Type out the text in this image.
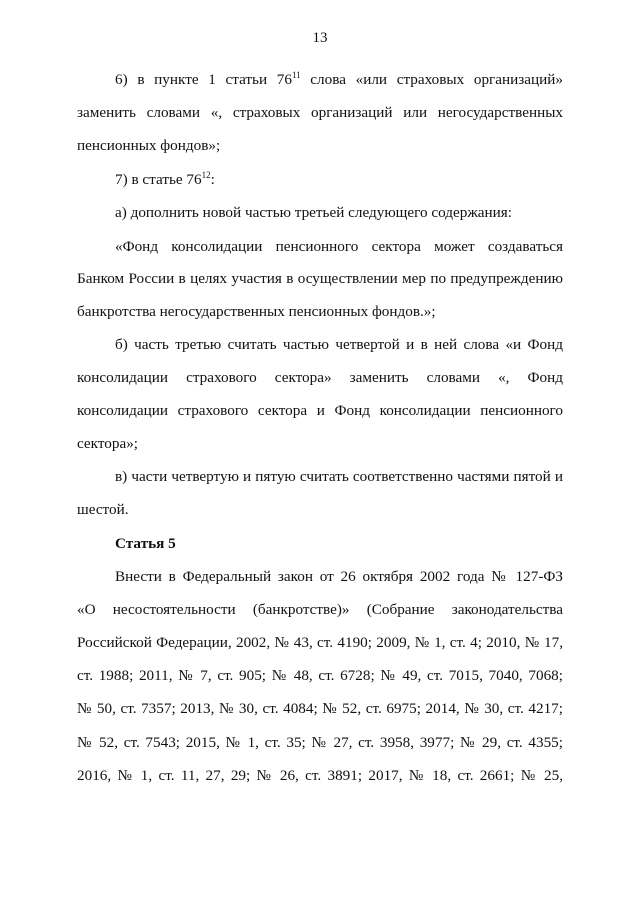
13
6) в пункте 1 статьи $76^{11}$ слова «или страховых организаций»
заменить словами «, страховых организаций или негосударственных
пенсионных фондов»;
7) в статье $76^{12}$:
а) дополнить новой частью третьей следующего содержания:
«Фонд консолидации пенсионного сектора может создаваться
Банком России в целях участия в осуществлении мер по предупреждению
банкротства негосударственных пенсионных фондов.»;
б) часть третью считать частью четвертой и в ней слова «и Фонд
консолидации страхового сектора» заменить словами «, Фонд
консолидации страхового сектора и Фонд консолидации пенсионного
сектора»;
в) части четвертую и пятую считать соответственно частями пятой и
шестой.
Статья 5
Внести в Федеральный закон от 26 октября 2002 года № 127-ФЗ
«О несостоятельности (банкротстве)» (Собрание законодательства
Российской Федерации, 2002, № 43, ст. 4190; 2009, № 1, ст. 4; 2010, № 17,
ст. 1988; 2011, № 7, ст. 905; № 48, ст. 6728; № 49, ст. 7015, 7040, 7068;
№ 50, ст. 7357; 2013, № 30, ст. 4084; № 52, ст. 6975; 2014, № 30, ст. 4217;
№ 52, ст. 7543; 2015, № 1, ст. 35; № 27, ст. 3958, 3977; № 29, ст. 4355;
2016, № 1, ст. 11, 27, 29; № 26, ст. 3891; 2017, № 18, ст. 2661; № 25,
